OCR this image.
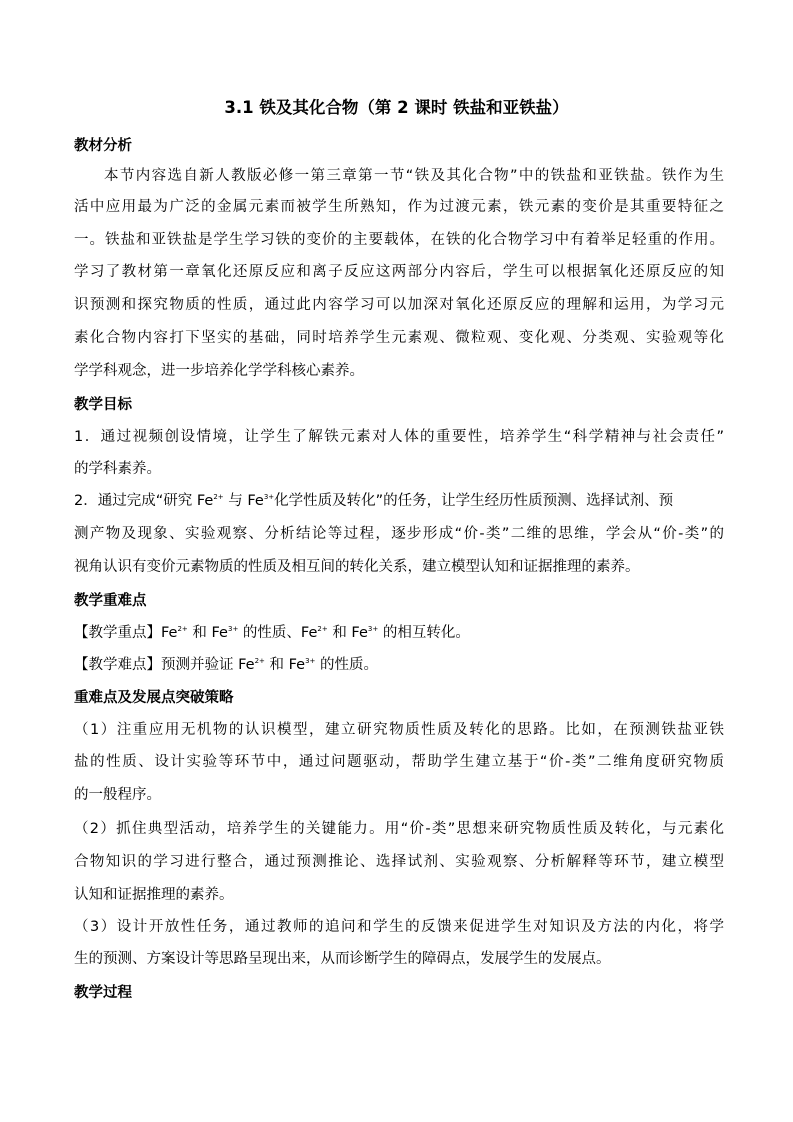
3.1 铁及其化合物（第 2 课时 铁盐和亚铁盐）
教材分析
本节内容选自新人教版必修一第三章第一节“铁及其化合物”中的铁盐和亚铁盐。铁作为生
活中应用最为广泛的金属元素而被学生所熟知，作为过渡元素，铁元素的变价是其重要特征之
一。铁盐和亚铁盐是学生学习铁的变价的主要载体，在铁的化合物学习中有着举足轻重的作用。
学习了教材第一章氧化还原反应和离子反应这两部分内容后，学生可以根据氧化还原反应的知
识预测和探究物质的性质，通过此内容学习可以加深对氧化还原反应的理解和运用，为学习元
素化合物内容打下坚实的基础，同时培养学生元素观、微粒观、变化观、分类观、实验观等化
学学科观念，进一步培养化学学科核心素养。
教学目标
1．通过视频创设情境，让学生了解铁元素对人体的重要性，培养学生“科学精神与社会责任”
的学科素养。
2．通过完成“研究 $Fe^{2+}$ 与 $Fe^{3+}$化学性质及转化”的任务，让学生经历性质预测、选择试剂、预
测产物及现象、实验观察、分析结论等过程，逐步形成“价-类”二维的思维，学会从“价-类”的
视角认识有变价元素物质的性质及相互间的转化关系，建立模型认知和证据推理的素养。
教学重难点
【教学重点】$Fe^{2+}$ 和 $Fe^{3+}$ 的性质、$Fe^{2+}$ 和 $Fe^{3+}$ 的相互转化。
【教学难点】预测并验证 $Fe^{2+}$ 和 $Fe^{3+}$ 的性质。
重难点及发展点突破策略
（1）注重应用无机物的认识模型，建立研究物质性质及转化的思路。比如，在预测铁盐亚铁
盐的性质、设计实验等环节中，通过问题驱动，帮助学生建立基于“价-类”二维角度研究物质
的一般程序。
（2）抓住典型活动，培养学生的关键能力。用“价-类”思想来研究物质性质及转化，与元素化
合物知识的学习进行整合，通过预测推论、选择试剂、实验观察、分析解释等环节，建立模型
认知和证据推理的素养。
（3）设计开放性任务，通过教师的追问和学生的反馈来促进学生对知识及方法的内化，将学
生的预测、方案设计等思路呈现出来，从而诊断学生的障碍点，发展学生的发展点。
教学过程
